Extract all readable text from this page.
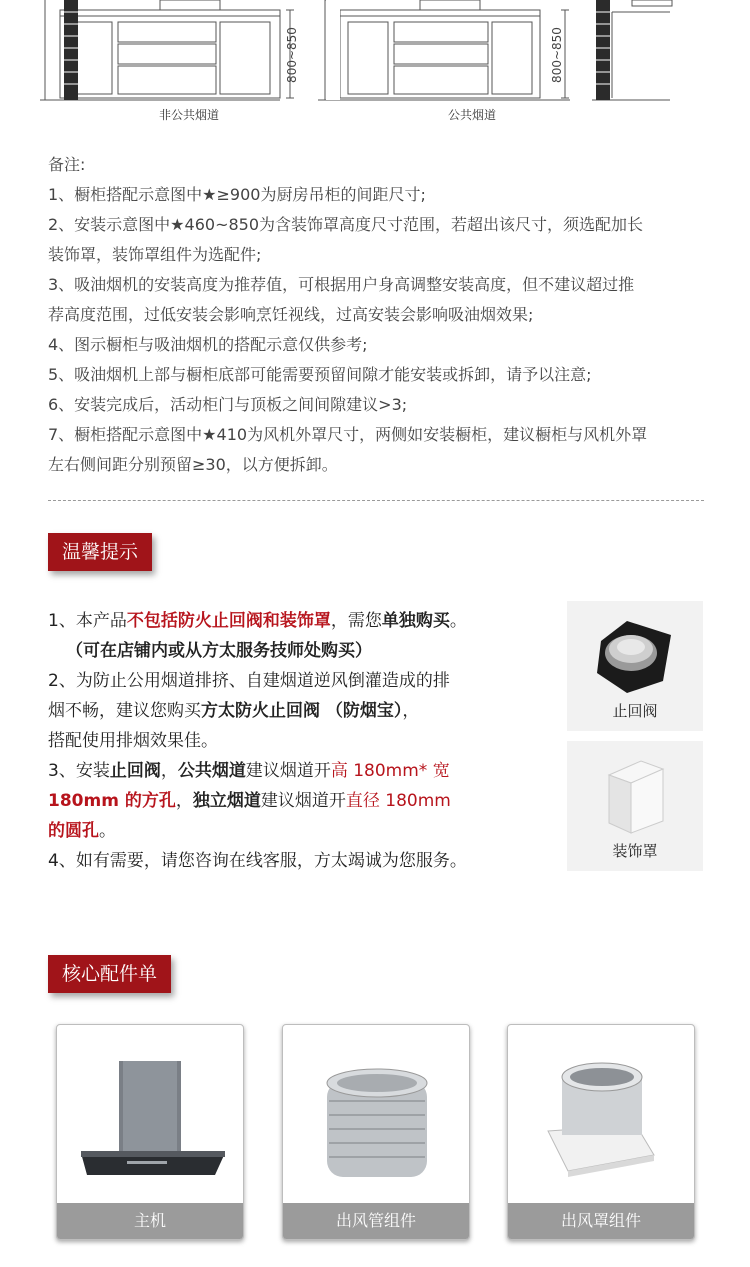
800~850	800~850
非公共烟道	公共烟道

备注:

1、橱柜搭配示意图中★≥900为厨房吊柜的间距尺寸;

2、安装示意图中★460~850为含装饰罩高度尺寸范围，若超出该尺寸，须选配加长

装饰罩，装饰罩组件为选配件;

3、吸油烟机的安装高度为推荐值，可根据用户身高调整安装高度，但不建议超过推

荐高度范围，过低安装会影响烹饪视线，过高安装会影响吸油烟效果;

4、图示橱柜与吸油烟机的搭配示意仅供参考;

5、吸油烟机上部与橱柜底部可能需要预留间隙才能安装或拆卸，请予以注意;

6、安装完成后，活动柜门与顶板之间间隙建议>3;

7、橱柜搭配示意图中★410为风机外罩尺寸，两侧如安装橱柜，建议橱柜与风机外罩

左右侧间距分别预留≥30，以方便拆卸。

温馨提示
1、本产品不包括防火止回阀和装饰罩，需您单独购买。
（可在店铺内或从方太服务技师处购买）
2、为防止公用烟道排挤、自建烟道逆风倒灌造成的排
烟不畅，建议您购买方太防火止回阀 （防烟宝），
搭配使用排烟效果佳。
3、安装止回阀，公共烟道建议烟道开高 180mm* 宽
180mm 的方孔，独立烟道建议烟道开直径 180mm
的圆孔。
4、如有需要，请您咨询在线客服，方太竭诚为您服务。
止回阀
装饰罩
核心配件单
主机	出风管组件	出风罩组件
